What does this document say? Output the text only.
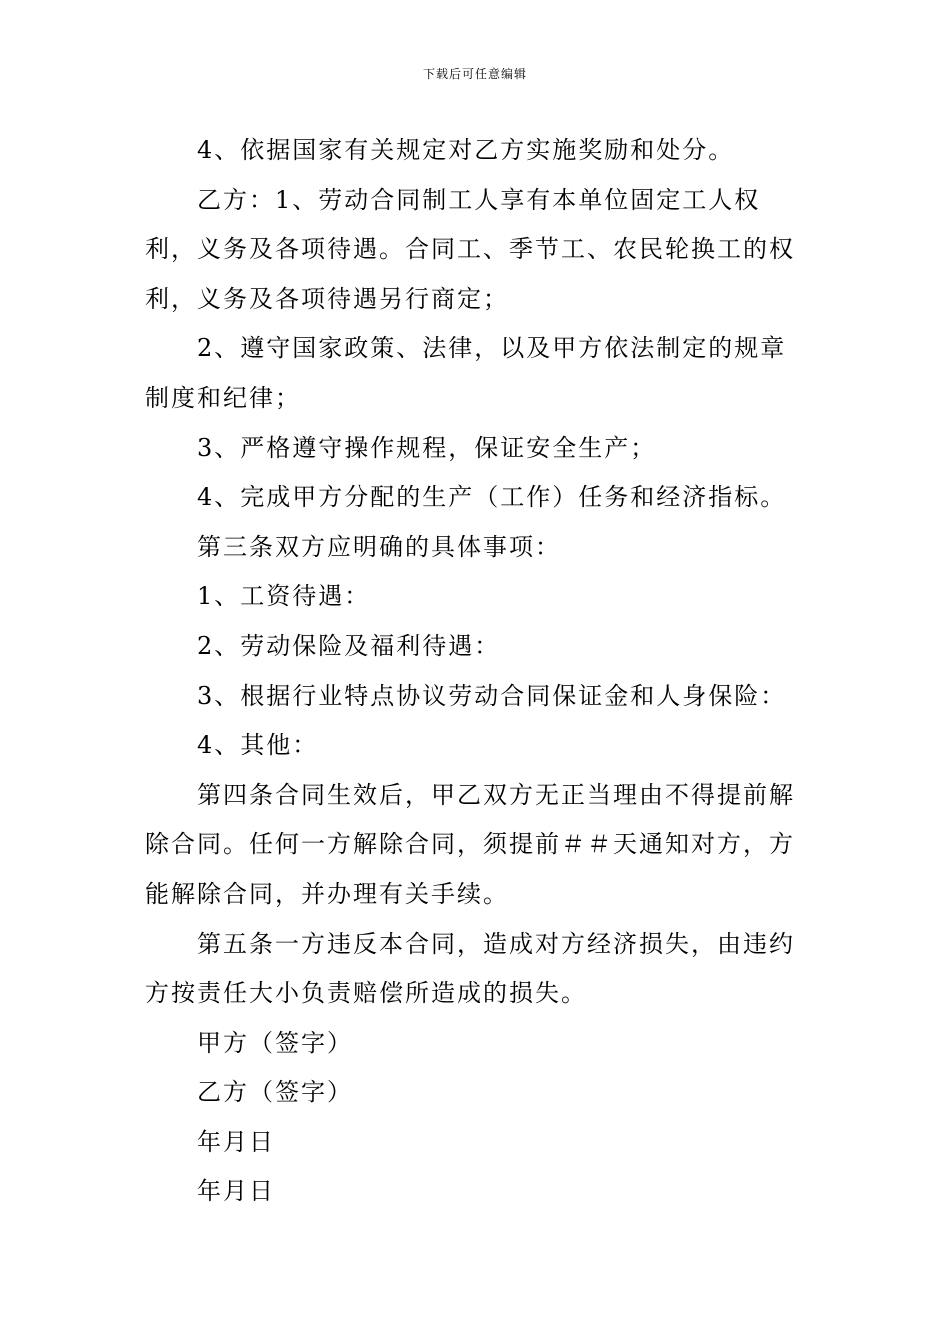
下载后可任意编辑

4、依据国家有关规定对乙方实施奖励和处分。

乙方：1、劳动合同制工人享有本单位固定工人权利，义务及各项待遇。合同工、季节工、农民轮换工的权利，义务及各项待遇另行商定；

2、遵守国家政策、法律，以及甲方依法制定的规章制度和纪律；

3、严格遵守操作规程，保证安全生产；

4、完成甲方分配的生产（工作）任务和经济指标。

第三条双方应明确的具体事项：

1、工资待遇：

2、劳动保险及福利待遇：

3、根据行业特点协议劳动合同保证金和人身保险：

4、其他：

第四条合同生效后，甲乙双方无正当理由不得提前解除合同。任何一方解除合同，须提前＃＃天通知对方，方能解除合同，并办理有关手续。

第五条一方违反本合同，造成对方经济损失，由违约方按责任大小负责赔偿所造成的损失。

甲方（签字）

乙方（签字）

年月日

年月日
